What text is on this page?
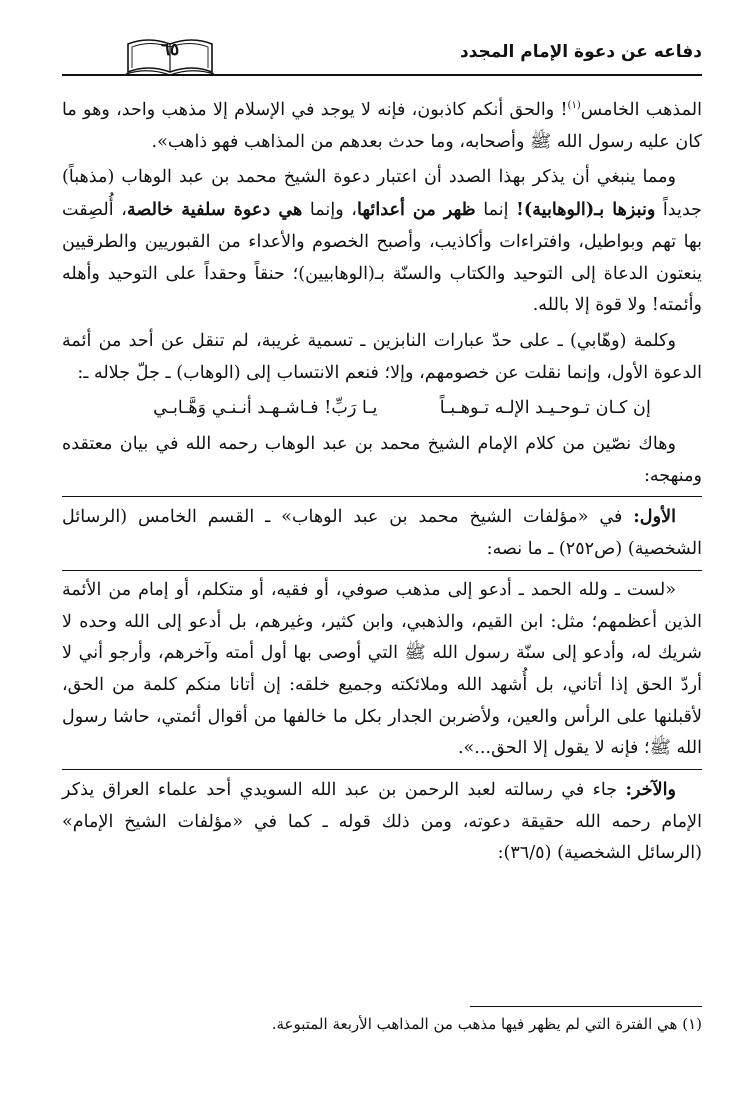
دفاعه عن دعوة الإمام المجدد
٦٥

المذهب الخامس$^{(١)}$! والحق أنكم كاذبون، فإنه لا يوجد في الإسلام إلا مذهب واحد، وهو ما كان عليه رسول الله ﷺ وأصحابه، وما حدث بعدهم من المذاهب فهو ذاهب».

ومما ينبغي أن يذكر بهذا الصدد أن اعتبار دعوة الشيخ محمد بن عبد الوهاب (مذهباً) جديداً ونبزها بـ(الوهابية)! إنما ظهر من أعدائها، وإنما هي دعوة سلفية خالصة، أُلصِقت بها تهم وبواطيل، وافتراءات وأكاذيب، وأصبح الخصوم والأعداء من القبوريين والطرقيين ينعتون الدعاة إلى التوحيد والكتاب والسنّة بـ(الوهابيين)؛ حنقاً وحقداً على التوحيد وأهله وأئمته! ولا قوة إلا بالله.

وكلمة (وهّابي) ـ على حدّ عبارات النابزين ـ تسمية غريبة، لم تنقل عن أحد من أئمة الدعوة الأول، وإنما نقلت عن خصومهم، وإلا؛ فنعم الانتساب إلى (الوهاب) ـ جلّ جلاله ـ:

إن كـان تـوحـيـد الإلـه تـوهـبـاً
يـا رَبِّ! فـاشـهـد أنـنـي وَهَّـابـي

وهاك نصّين من كلام الإمام الشيخ محمد بن عبد الوهاب رحمه الله في بيان معتقده ومنهجه:

الأول: في «مؤلفات الشيخ محمد بن عبد الوهاب» ـ القسم الخامس (الرسائل الشخصية) (ص٢٥٢) ـ ما نصه:

«لست ـ ولله الحمد ـ أدعو إلى مذهب صوفي، أو فقيه، أو متكلم، أو إمام من الأئمة الذين أعظمهم؛ مثل: ابن القيم، والذهبي، وابن كثير، وغيرهم، بل أدعو إلى الله وحده لا شريك له، وأدعو إلى سنّة رسول الله ﷺ التي أوصى بها أول أمته وآخرهم، وأرجو أني لا أردّ الحق إذا أتاني، بل أُشهد الله وملائكته وجميع خلقه: إن أتانا منكم كلمة من الحق، لأقبلنها على الرأس والعين، ولأضربن الجدار بكل ما خالفها من أقوال أئمتي، حاشا رسول الله ﷺ؛ فإنه لا يقول إلا الحق...».

والآخر: جاء في رسالته لعبد الرحمن بن عبد الله السويدي أحد علماء العراق يذكر الإمام رحمه الله حقيقة دعوته، ومن ذلك قوله ـ كما في «مؤلفات الشيخ الإمام» (الرسائل الشخصية) (٣٦/٥):

(١) هي الفترة التي لم يظهر فيها مذهب من المذاهب الأربعة المتبوعة.
